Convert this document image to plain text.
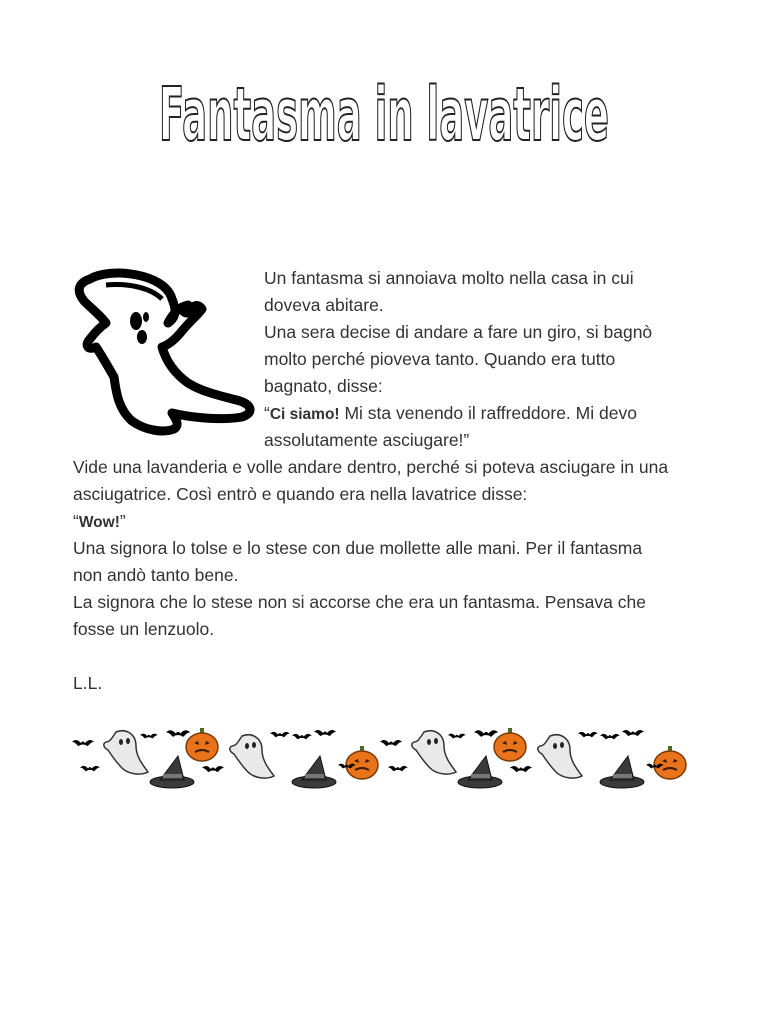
Fantasma in lavatrice
Un fantasma si annoiava molto nella casa in cui
doveva abitare.
Una sera decise di andare a fare un giro, si bagnò
molto perché pioveva tanto. Quando era tutto
bagnato, disse:
“Ci siamo! Mi sta venendo il raffreddore. Mi devo
assolutamente asciugare!”
Vide una lavanderia e volle andare dentro, perché si poteva asciugare in una
asciugatrice. Così entrò e quando era nella lavatrice disse:
“Wow!”
Una signora lo tolse e lo stese con due mollette alle mani. Per il fantasma
non andò tanto bene.
La signora che lo stese non si accorse che era un fantasma. Pensava che
fosse un lenzuolo.
L.L.
